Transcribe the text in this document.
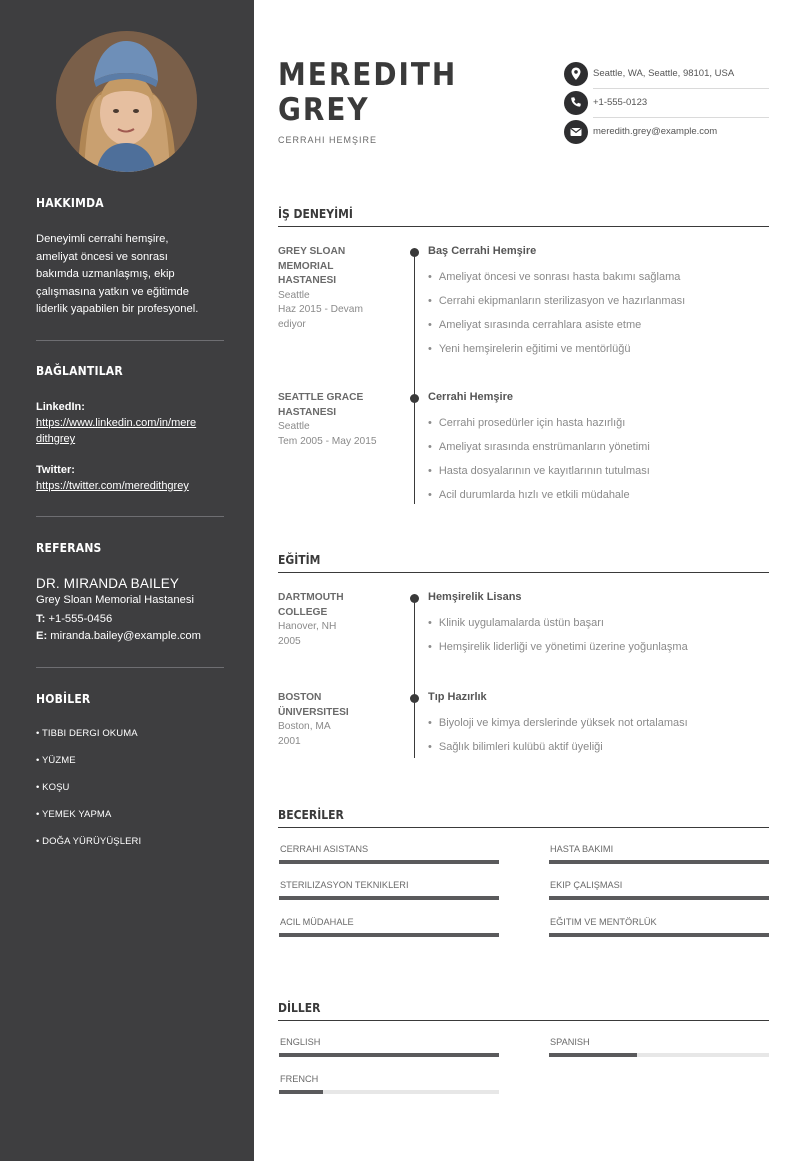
HAKKIMDA
Deneyimli cerrahi hemşire,
ameliyat öncesi ve sonrası
bakımda uzmanlaşmış, ekip
çalışmasına yatkın ve eğitimde
liderlik yapabilen bir profesyonel.
BAĞLANTILAR
LinkedIn:
https://www.linkedin.com/in/mere
dithgrey
Twitter:
https://twitter.com/meredithgrey
REFERANS
DR. MIRANDA BAILEY
Grey Sloan Memorial Hastanesi
T: +1-555-0456
E: miranda.bailey@example.com
HOBİLER
• TIBBI DERGI OKUMA
• YÜZME
• KOŞU
• YEMEK YAPMA
• DOĞA YÜRÜYÜŞLERI
MEREDITH
GREY
CERRAHI HEMŞIRE
Seattle, WA, Seattle, 98101, USA
+1-555-0123
meredith.grey@example.com
İŞ DENEYİMİ
GREY SLOAN
MEMORIAL
HASTANESI
Seattle
Haz 2015 - Devam
ediyor
Baş Cerrahi Hemşire
• Ameliyat öncesi ve sonrası hasta bakımı sağlama
• Cerrahi ekipmanların sterilizasyon ve hazırlanması
• Ameliyat sırasında cerrahlara asiste etme
• Yeni hemşirelerin eğitimi ve mentörlüğü
SEATTLE GRACE
HASTANESI
Seattle
Tem 2005 - May 2015
Cerrahi Hemşire
• Cerrahi prosedürler için hasta hazırlığı
• Ameliyat sırasında enstrümanların yönetimi
• Hasta dosyalarının ve kayıtlarının tutulması
• Acil durumlarda hızlı ve etkili müdahale
EĞİTİM
DARTMOUTH
COLLEGE
Hanover, NH
2005
Hemşirelik Lisans
• Klinik uygulamalarda üstün başarı
• Hemşirelik liderliği ve yönetimi üzerine yoğunlaşma
BOSTON
ÜNIVERSITESI
Boston, MA
2001
Tıp Hazırlık
• Biyoloji ve kimya derslerinde yüksek not ortalaması
• Sağlık bilimleri kulübü aktif üyeliği
BECERİLER
CERRAHI ASISTANS	HASTA BAKIMI
STERILIZASYON TEKNIKLERI	EKIP ÇALIŞMASI
ACIL MÜDAHALE	EĞITIM VE MENTÖRLÜK
DİLLER
ENGLISH	SPANISH
FRENCH
